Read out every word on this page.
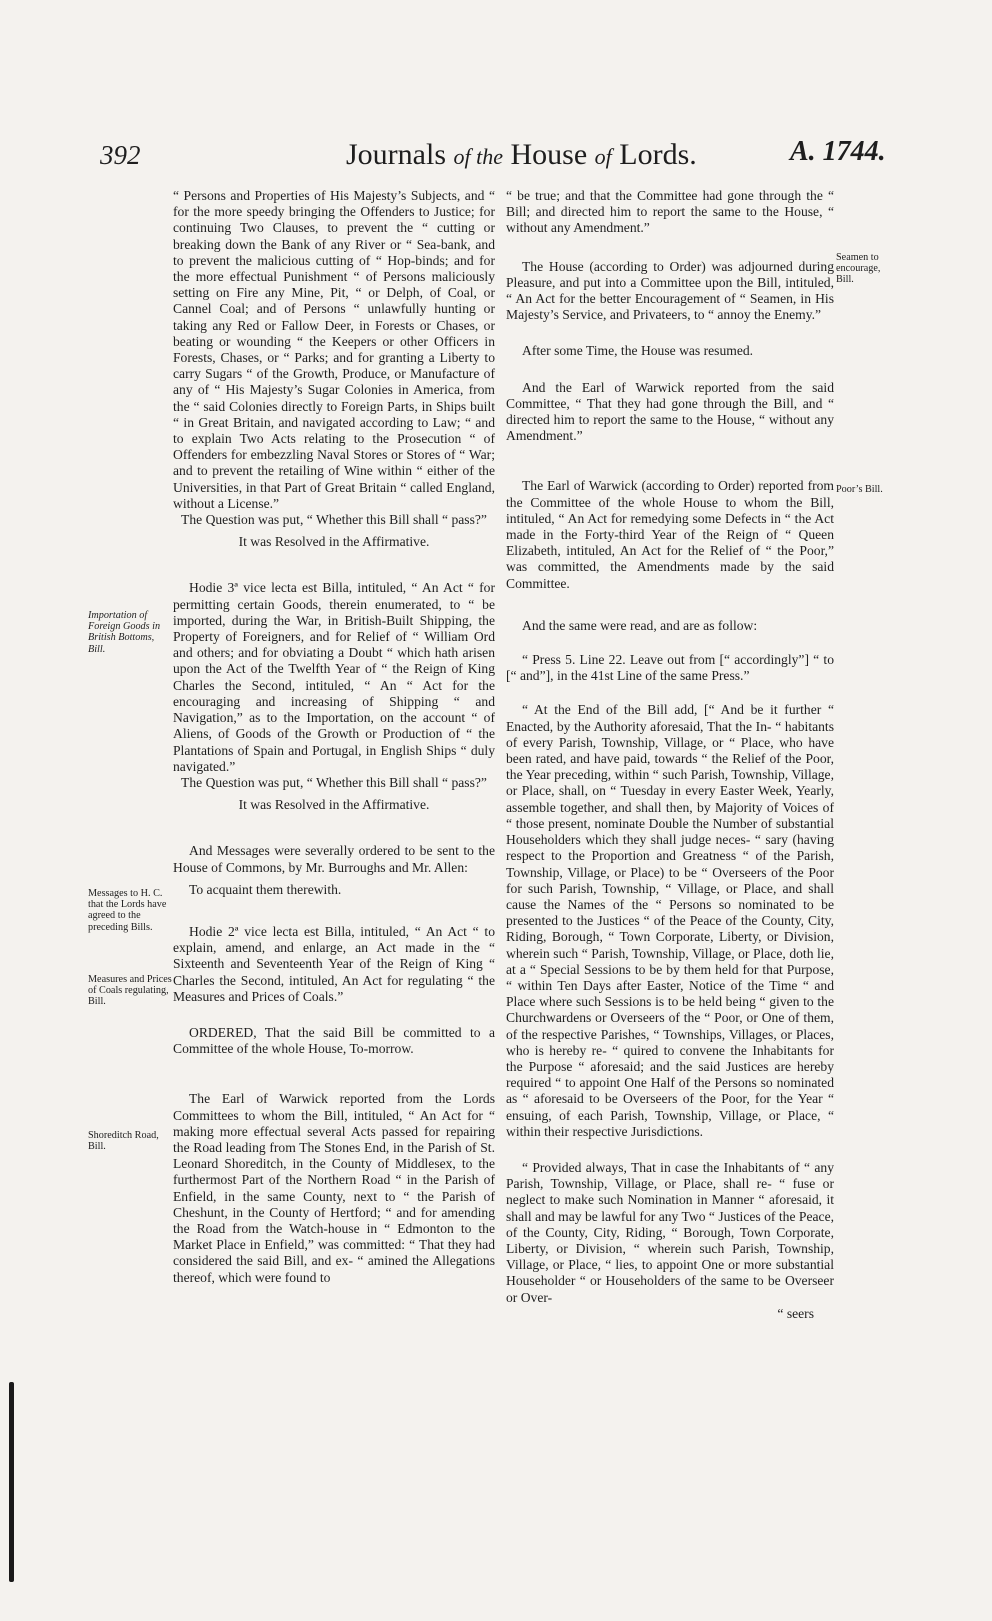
392	Journals of the House of Lords.	A. 1744.

“ Persons and Properties of His Majesty’s Subjects, and “ for the more speedy bringing the Offenders to Justice; for continuing Two Clauses, to prevent the “ cutting or breaking down the Bank of any River or “ Sea-bank, and to prevent the malicious cutting of “ Hop-binds; and for the more effectual Punishment “ of Persons maliciously setting on Fire any Mine, Pit, “ or Delph, of Coal, or Cannel Coal; and of Persons “ unlawfully hunting or taking any Red or Fallow Deer, in Forests or Chases, or beating or wounding “ the Keepers or other Officers in Forests, Chases, or “ Parks; and for granting a Liberty to carry Sugars “ of the Growth, Produce, or Manufacture of any of “ His Majesty’s Sugar Colonies in America, from the “ said Colonies directly to Foreign Parts, in Ships built “ in Great Britain, and navigated according to Law; “ and to explain Two Acts relating to the Prosecution “ of Offenders for embezzling Naval Stores or Stores of “ War; and to prevent the retailing of Wine within “ either of the Universities, in that Part of Great Britain “ called England, without a License.”

The Question was put, “ Whether this Bill shall “ pass?”

It was Resolved in the Affirmative.

Hodie 3ª vice lecta est Billa, intituled, “ An Act “ for permitting certain Goods, therein enumerated, to “ be imported, during the War, in British-Built Shipping, the Property of Foreigners, and for Relief of “ William Ord and others; and for obviating a Doubt “ which hath arisen upon the Act of the Twelfth Year of “ the Reign of King Charles the Second, intituled, “ An “ Act for the encouraging and increasing of Shipping “ and Navigation,” as to the Importation, on the account “ of Aliens, of Goods of the Growth or Production of “ the Plantations of Spain and Portugal, in English Ships “ duly navigated.”

The Question was put, “ Whether this Bill shall “ pass?”

It was Resolved in the Affirmative.

And Messages were severally ordered to be sent to the House of Commons, by Mr. Burroughs and Mr. Allen:

To acquaint them therewith.

Hodie 2ª vice lecta est Billa, intituled, “ An Act “ to explain, amend, and enlarge, an Act made in the “ Sixteenth and Seventeenth Year of the Reign of King “ Charles the Second, intituled, An Act for regulating “ the Measures and Prices of Coals.”

ORDERED, That the said Bill be committed to a Committee of the whole House, To-morrow.

The Earl of Warwick reported from the Lords Committees to whom the Bill, intituled, “ An Act for “ making more effectual several Acts passed for repairing the Road leading from The Stones End, in the Parish of St. Leonard Shoreditch, in the County of Middlesex, to the furthermost Part of the Northern Road “ in the Parish of Enfield, in the same County, next to “ the Parish of Cheshunt, in the County of Hertford; “ and for amending the Road from the Watch-house in “ Edmonton to the Market Place in Enfield,” was committed: “ That they had considered the said Bill, and ex- “ amined the Allegations thereof, which were found to

“ be true; and that the Committee had gone through the “ Bill; and directed him to report the same to the House, “ without any Amendment.”

The House (according to Order) was adjourned during Pleasure, and put into a Committee upon the Bill, intituled, “ An Act for the better Encouragement of “ Seamen, in His Majesty’s Service, and Privateers, to “ annoy the Enemy.”

After some Time, the House was resumed.

And the Earl of Warwick reported from the said Committee, “ That they had gone through the Bill, and “ directed him to report the same to the House, “ without any Amendment.”

The Earl of Warwick (according to Order) reported from the Committee of the whole House to whom the Bill, intituled, “ An Act for remedying some Defects in “ the Act made in the Forty-third Year of the Reign of “ Queen Elizabeth, intituled, An Act for the Relief of “ the Poor,” was committed, the Amendments made by the said Committee.

And the same were read, and are as follow:

“ Press 5. Line 22. Leave out from [“ accordingly”] “ to [“ and”], in the 41st Line of the same Press.”

“ At the End of the Bill add, [“ And be it further “ Enacted, by the Authority aforesaid, That the In- “ habitants of every Parish, Township, Village, or “ Place, who have been rated, and have paid, towards “ the Relief of the Poor, the Year preceding, within “ such Parish, Township, Village, or Place, shall, on “ Tuesday in every Easter Week, Yearly, assemble together, and shall then, by Majority of Voices of “ those present, nominate Double the Number of substantial Householders which they shall judge neces- “ sary (having respect to the Proportion and Greatness “ of the Parish, Township, Village, or Place) to be “ Overseers of the Poor for such Parish, Township, “ Village, or Place, and shall cause the Names of the “ Persons so nominated to be presented to the Justices “ of the Peace of the County, City, Riding, Borough, “ Town Corporate, Liberty, or Division, wherein such “ Parish, Township, Village, or Place, doth lie, at a “ Special Sessions to be by them held for that Purpose, “ within Ten Days after Easter, Notice of the Time “ and Place where such Sessions is to be held being “ given to the Churchwardens or Overseers of the “ Poor, or One of them, of the respective Parishes, “ Townships, Villages, or Places, who is hereby re- “ quired to convene the Inhabitants for the Purpose “ aforesaid; and the said Justices are hereby required “ to appoint One Half of the Persons so nominated as “ aforesaid to be Overseers of the Poor, for the Year “ ensuing, of each Parish, Township, Village, or Place, “ within their respective Jurisdictions.

“ Provided always, That in case the Inhabitants of “ any Parish, Township, Village, or Place, shall re- “ fuse or neglect to make such Nomination in Manner “ aforesaid, it shall and may be lawful for any Two “ Justices of the Peace, of the County, City, Riding, “ Borough, Town Corporate, Liberty, or Division, “ wherein such Parish, Township, Village, or Place, “ lies, to appoint One or more substantial Householder “ or Householders of the same to be Overseer or Over-

“ seers

Importation of Foreign Goods in British Bottoms, Bill.
Messages to H. C. that the Lords have agreed to the preceding Bills.
Measures and Prices of Coals regulating, Bill.
Shoreditch Road, Bill.
Seamen to encourage, Bill.
Poor’s Bill.
